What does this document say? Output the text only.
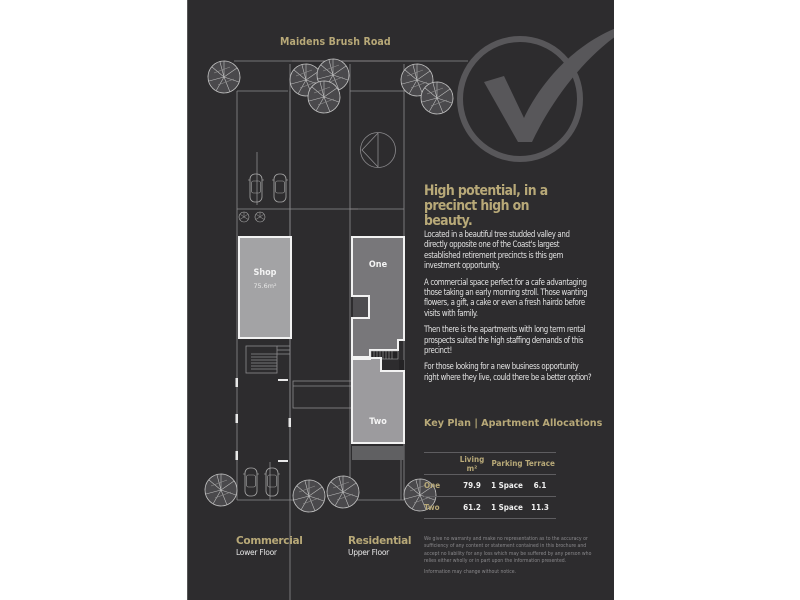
Maidens Brush Road
Shop
75.6m²
One
Two
Commercial
Lower Floor
Residential
Upper Floor
High potential, in a precinct high on beauty.

Located in a beautiful tree studded valley and directly opposite one of the Coast's largest established retirement precincts is this gem investment opportunity.

A commercial space perfect for a cafe advantaging those taking an early morning stroll. Those wanting flowers, a gift, a cake or even a fresh hairdo before visits with family.

Then there is the apartments with long term rental prospects suited the high staffing demands of this precinct!

For those looking for a new business opportunity right where they live, could there be a better option?

Key Plan | Apartment Allocations
	Living m²	Parking	Terrace
One	79.9	1 Space	6.1
Two	61.2	1 Space	11.3

We give no warranty and make no representation as to the accuracy or sufficiency of any content or statement contained in this brochure and accept no liability for any loss which may be suffered by any person who relies either wholly or in part upon the information presented.

Information may change without notice.
